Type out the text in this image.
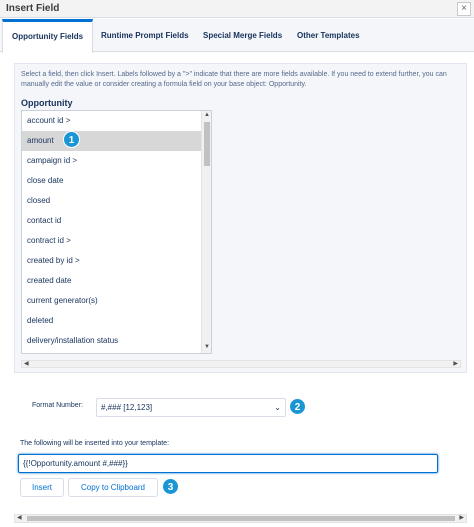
Insert Field	×
Opportunity Fields	Runtime Prompt Fields Special Merge Fields Other Templates
Select a field, then click Insert. Labels followed by a ">" indicate that there are more fields available. If you need to extend further, you can manually edit the value or consider creating a formula field on your base object: Opportunity.
Opportunity
account id >
amount
campaign id >
close date
closed
contact id
contract id >
created by id >
created date
current generator(s)
deleted
delivery/installation status
▲
▼
◀	▶
1
Format Number:	#,### [12,123]	⌄	2
The following will be inserted into your template:
{{!Opportunity.amount #,###}}
Insert	Copy to Clipboard	3
◀	▶
